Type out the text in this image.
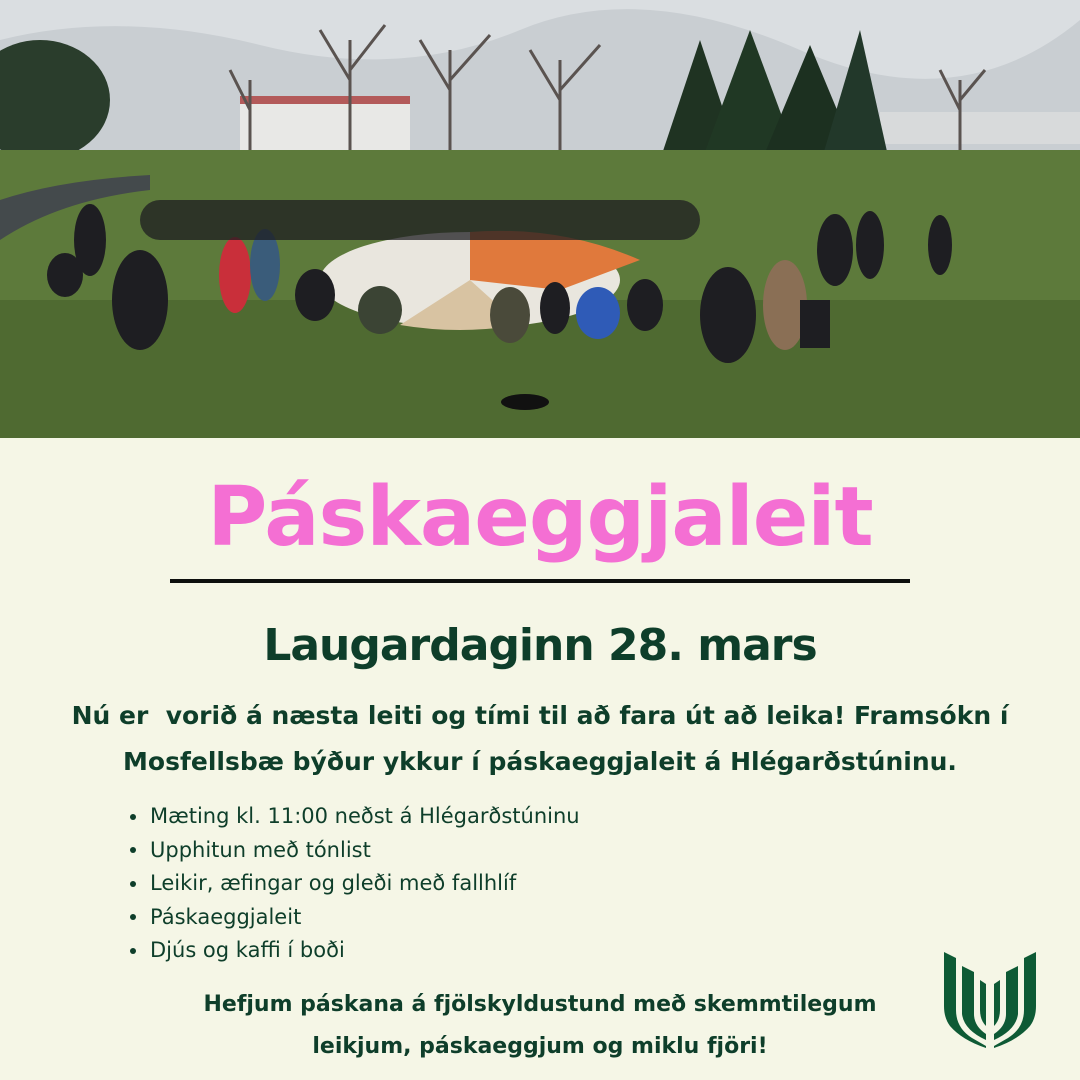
Páskaeggjaleit
Laugardaginn 28. mars
Nú er  vorið á næsta leiti og tími til að fara út að leika! Framsókn í
Mosfellsbæ býður ykkur í páskaeggjaleit á Hlégarðstúninu.
Mæting kl. 11:00 neðst á Hlégarðstúninu
Upphitun með tónlist
Leikir, æfingar og gleði með fallhlíf
Páskaeggjaleit
Djús og kaffi í boði
Hefjum páskana á fjölskyldustund með skemmtilegum
leikjum, páskaeggjum og miklu fjöri!
